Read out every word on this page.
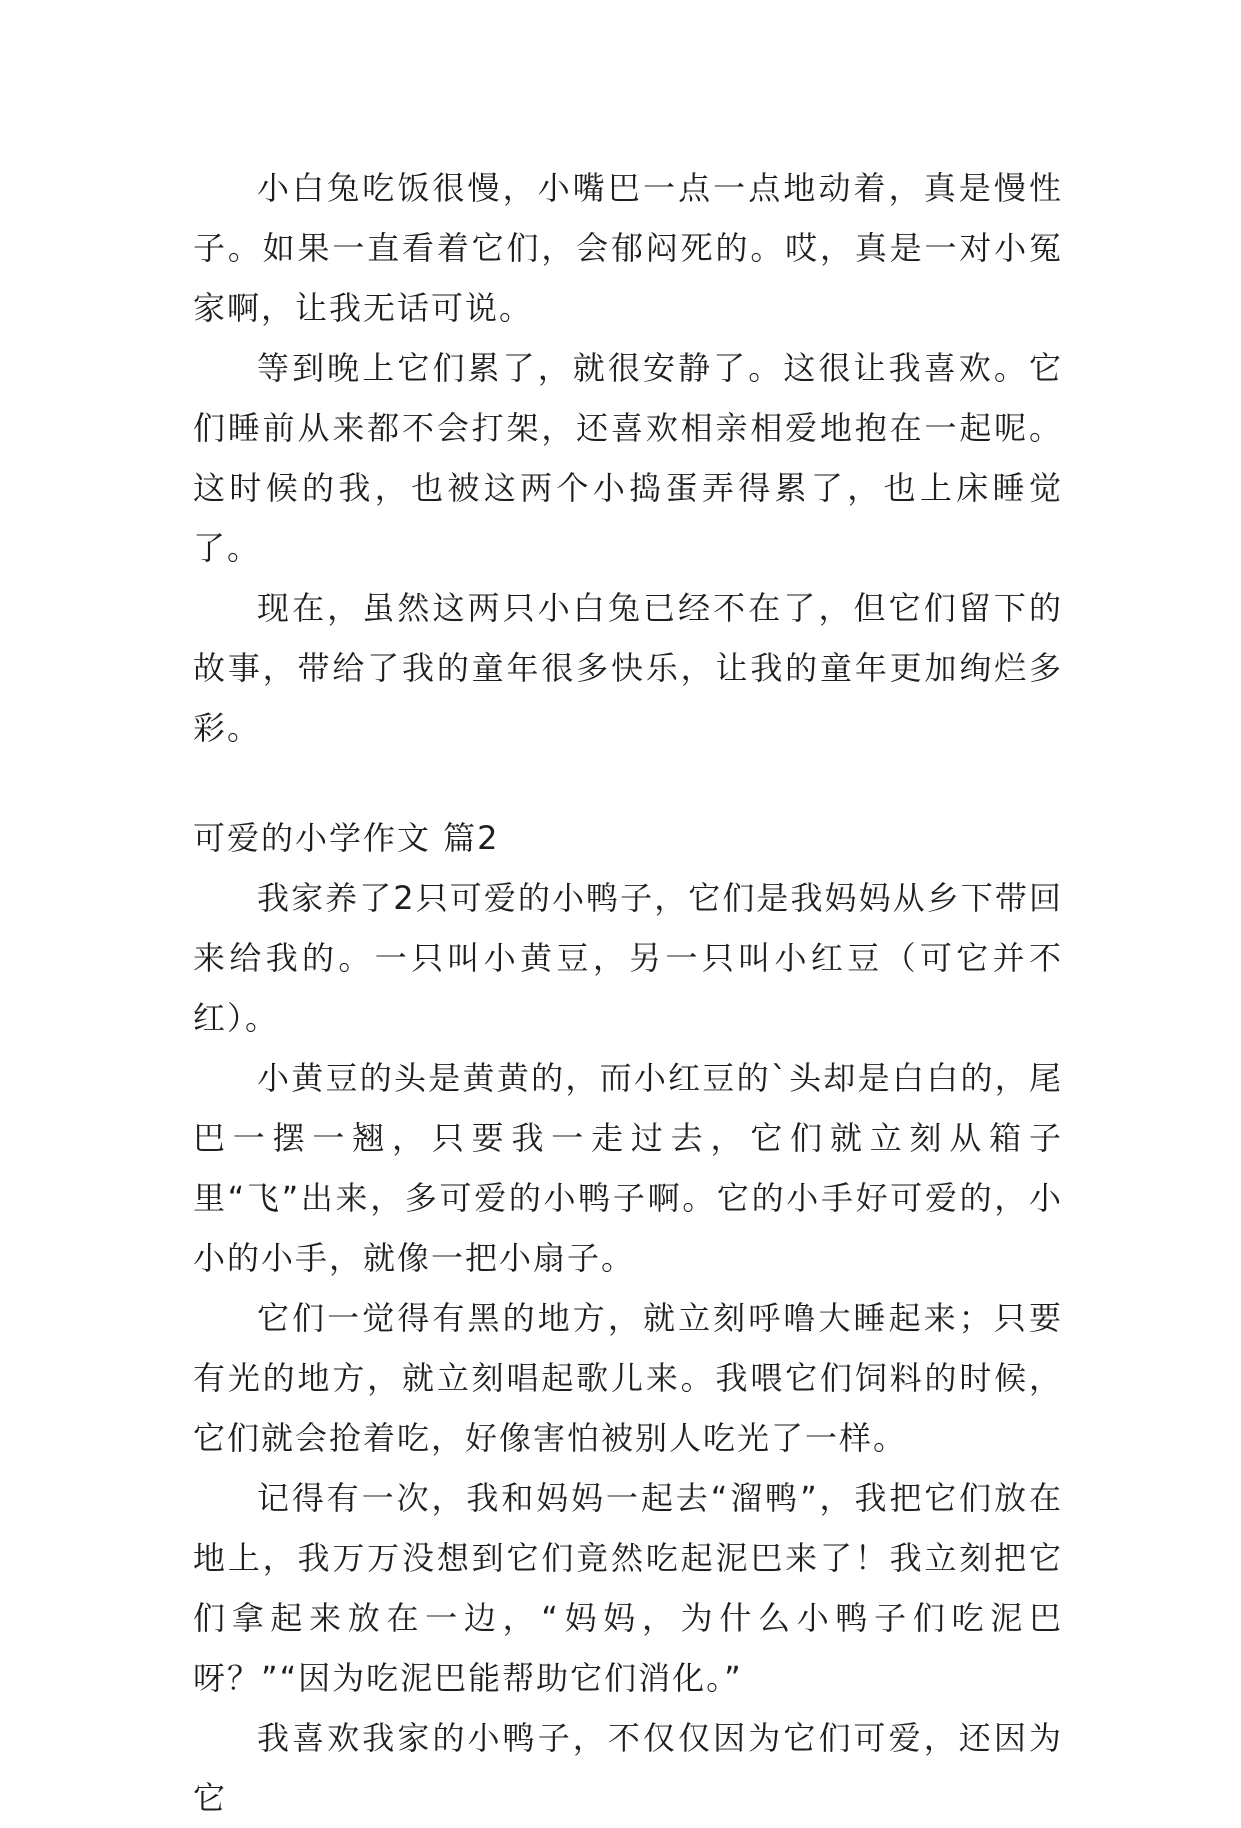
小白兔吃饭很慢，小嘴巴一点一点地动着，真是慢性子。如果一直看着它们，会郁闷死的。哎，真是一对小冤家啊，让我无话可说。

等到晚上它们累了，就很安静了。这很让我喜欢。它们睡前从来都不会打架，还喜欢相亲相爱地抱在一起呢。这时候的我，也被这两个小捣蛋弄得累了，也上床睡觉了。

现在，虽然这两只小白兔已经不在了，但它们留下的故事，带给了我的童年很多快乐，让我的童年更加绚烂多彩。

可爱的小学作文 篇2

我家养了2只可爱的小鸭子，它们是我妈妈从乡下带回来给我的。一只叫小黄豆，另一只叫小红豆（可它并不红）。

小黄豆的头是黄黄的，而小红豆的`头却是白白的，尾巴一摆一翘，只要我一走过去，它们就立刻从箱子里“飞”出来，多可爱的小鸭子啊。它的小手好可爱的，小小的小手，就像一把小扇子。

它们一觉得有黑的地方，就立刻呼噜大睡起来；只要有光的地方，就立刻唱起歌儿来。我喂它们饲料的时候，它们就会抢着吃，好像害怕被别人吃光了一样。

记得有一次，我和妈妈一起去“溜鸭”，我把它们放在地上，我万万没想到它们竟然吃起泥巴来了！我立刻把它们拿起来放在一边，“妈妈，为什么小鸭子们吃泥巴呀？”“因为吃泥巴能帮助它们消化。”

我喜欢我家的小鸭子，不仅仅因为它们可爱，还因为它
